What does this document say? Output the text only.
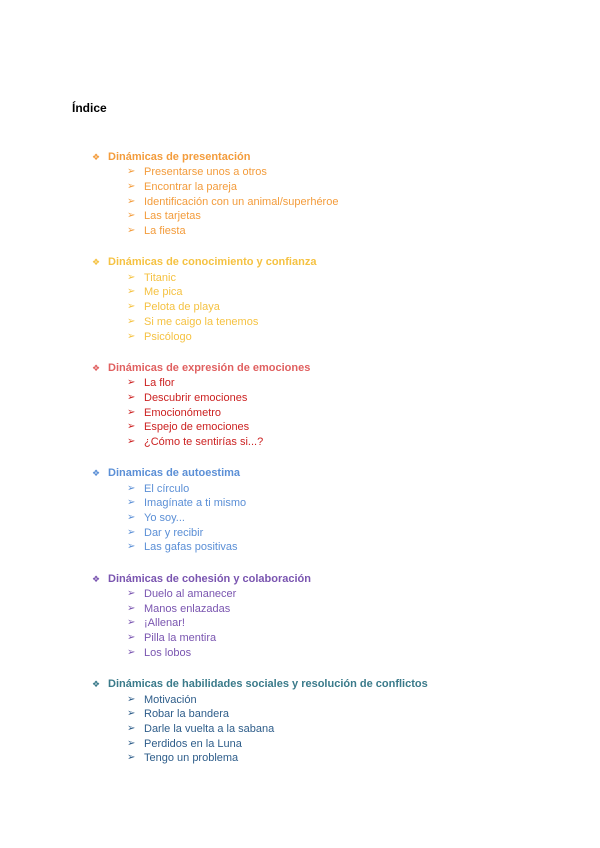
Índice
❖ Dinámicas de presentación
➢ Presentarse unos a otros
➢ Encontrar la pareja
➢ Identificación con un animal/superhéroe
➢ Las tarjetas
➢ La fiesta
❖ Dinámicas de conocimiento y confianza
➢ Titanic
➢ Me pica
➢ Pelota de playa
➢ Si me caigo la tenemos
➢ Psicólogo
❖ Dinámicas de expresión de emociones
➢ La flor
➢ Descubrir emociones
➢ Emocionómetro
➢ Espejo de emociones
➢ ¿Cómo te sentirías si...?
❖ Dinamicas de autoestima
➢ El círculo
➢ Imagínate a ti mismo
➢ Yo soy...
➢ Dar y recibir
➢ Las gafas positivas
❖ Dinámicas de cohesión y colaboración
➢ Duelo al amanecer
➢ Manos enlazadas
➢ ¡Allenar!
➢ Pilla la mentira
➢ Los lobos
❖ Dinámicas de habilidades sociales y resolución de conflictos
➢ Motivación
➢ Robar la bandera
➢ Darle la vuelta a la sabana
➢ Perdidos en la Luna
➢ Tengo un problema
